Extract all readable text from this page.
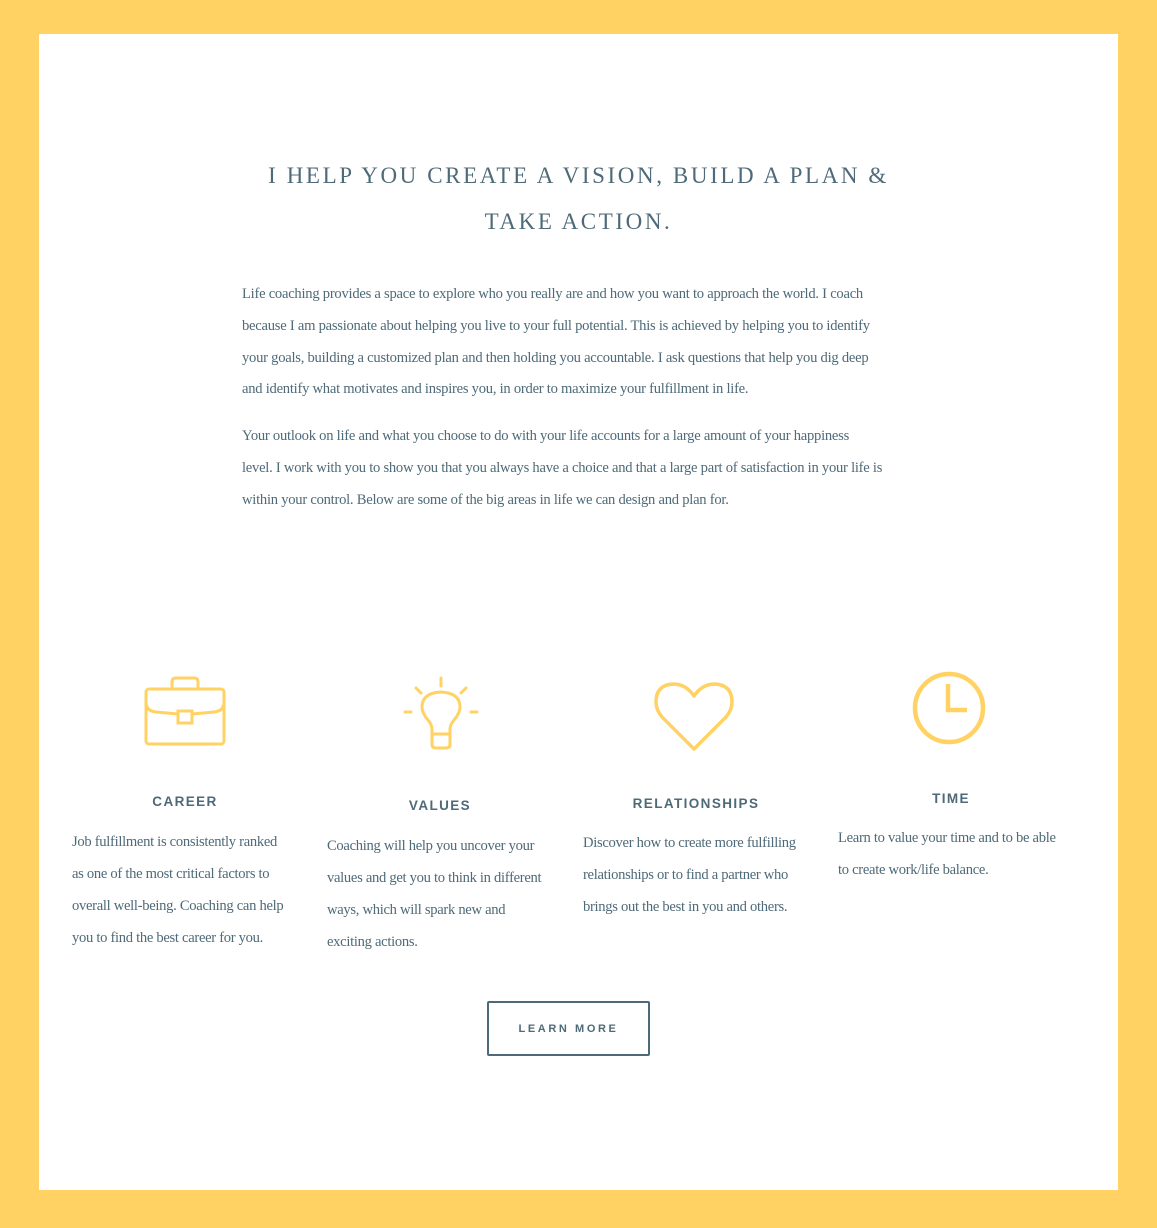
I HELP YOU CREATE A VISION, BUILD A PLAN &
TAKE ACTION.
Life coaching provides a space to explore who you really are and how you want to approach the world. I coach
because I am passionate about helping you live to your full potential. This is achieved by helping you to identify
your goals, building a customized plan and then holding you accountable. I ask questions that help you dig deep
and identify what motivates and inspires you, in order to maximize your fulfillment in life.
Your outlook on life and what you choose to do with your life accounts for a large amount of your happiness
level. I work with you to show you that you always have a choice and that a large part of satisfaction in your life is
within your control. Below are some of the big areas in life we can design and plan for.
CAREER
Job fulfillment is consistently ranked
as one of the most critical factors to
overall well-being. Coaching can help
you to find the best career for you.
VALUES
Coaching will help you uncover your
values and get you to think in different
ways, which will spark new and
exciting actions.
RELATIONSHIPS
Discover how to create more fulfilling
relationships or to find a partner who
brings out the best in you and others.
TIME
Learn to value your time and to be able
to create work/life balance.
LEARN MORE
